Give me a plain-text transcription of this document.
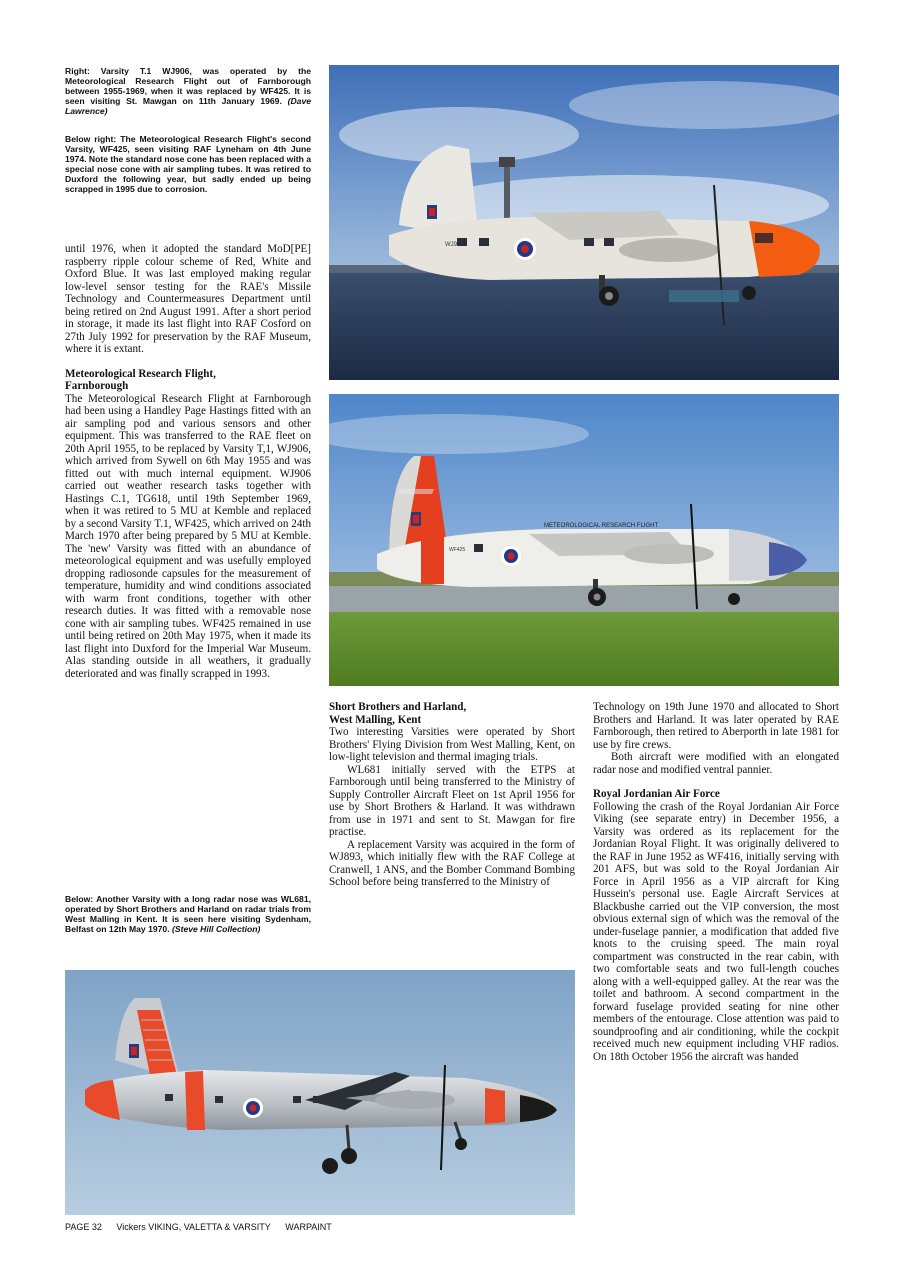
Right: Varsity T.1 WJ906, was operated by the Meteorological Research Flight out of Farnborough between 1955-1969, when it was replaced by WF425. It is seen visiting St. Mawgan on 11th January 1969. (Dave Lawrence)
Below right: The Meteorological Research Flight's second Varsity, WF425, seen visiting RAF Lyneham on 4th June 1974. Note the standard nose cone has been replaced with a special nose cone with air sampling tubes. It was retired to Duxford the following year, but sadly ended up being scrapped in 1995 due to corrosion.

until 1976, when it adopted the standard MoD[PE] raspberry ripple colour scheme of Red, White and Oxford Blue. It was last employed making regular low-level sensor testing for the RAE's Missile Technology and Countermeasures Department until being retired on 2nd August 1991. After a short period in storage, it made its last flight into RAF Cosford on 27th July 1992 for preservation by the RAF Museum, where it is extant.

Meteorological Research Flight,

Farnborough

The Meteorological Research Flight at Farnborough had been using a Handley Page Hastings fitted with an air sampling pod and various sensors and other equipment. This was transferred to the RAE fleet on 20th April 1955, to be replaced by Varsity T,1, WJ906, which arrived from Sywell on 6th May 1955 and was fitted out with much internal equipment. WJ906 carried out weather research tasks together with Hastings C.1, TG618, until 19th September 1969, when it was retired to 5 MU at Kemble and replaced by a second Varsity T.1, WF425, which arrived on 24th March 1970 after being prepared by 5 MU at Kemble. The 'new' Varsity was fitted with an abundance of meteorological equipment and was usefully employed dropping radiosonde capsules for the measurement of temperature, humidity and wind conditions associated with warm front conditions, together with other research duties. It was fitted with a removable nose cone with air sampling tubes. WF425 remained in use until being retired on 20th May 1975, when it made its last flight into Duxford for the Imperial War Museum. Alas standing outside in all weathers, it gradually deteriorated and was finally scrapped in 1993.

Below: Another Varsity with a long radar nose was WL681, operated by Short Brothers and Harland on radar trials from West Malling in Kent. It is seen here visiting Sydenham, Belfast on 12th May 1970. (Steve Hill Collection)

Short Brothers and Harland,

West Malling, Kent

Two interesting Varsities were operated by Short Brothers' Flying Division from West Malling, Kent, on low-light television and thermal imaging trials.

WL681 initially served with the ETPS at Farnborough until being transferred to the Ministry of Supply Controller Aircraft Fleet on 1st April 1956 for use by Short Brothers & Harland. It was withdrawn from use in 1971 and sent to St. Mawgan for fire practise.

A replacement Varsity was acquired in the form of WJ893, which initially flew with the RAF College at Cranwell, 1 ANS, and the Bomber Command Bombing School before being transferred to the Ministry of

Technology on 19th June 1970 and allocated to Short Brothers and Harland. It was later operated by RAE Farnborough, then retired to Aberporth in late 1981 for use by fire crews.

Both aircraft were modified with an elongated radar nose and modified ventral pannier.

Royal Jordanian Air Force

Following the crash of the Royal Jordanian Air Force Viking (see separate entry) in December 1956, a Varsity was ordered as its replacement for the Jordanian Royal Flight. It was originally delivered to the RAF in June 1952 as WF416, initially serving with 201 AFS, but was sold to the Royal Jordanian Air Force in April 1956 as a VIP aircraft for King Hussein's personal use. Eagle Aircraft Services at Blackbushe carried out the VIP conversion, the most obvious external sign of which was the removal of the under-fuselage pannier, a modification that added five knots to the cruising speed. The main royal compartment was constructed in the rear cabin, with two comfortable seats and two full-length couches along with a well-equipped galley. At the rear was the toilet and bathroom. A second compartment in the forward fuselage provided seating for nine other members of the entourage. Close attention was paid to soundproofing and air conditioning, while the cockpit received much new equipment including VHF radios. On 18th October 1956 the aircraft was handed

WJ906
METEOROLOGICAL RESEARCH FLIGHT
WF425
PAGE 32 Vickers VIKING, VALETTA & VARSITY WARPAINT
